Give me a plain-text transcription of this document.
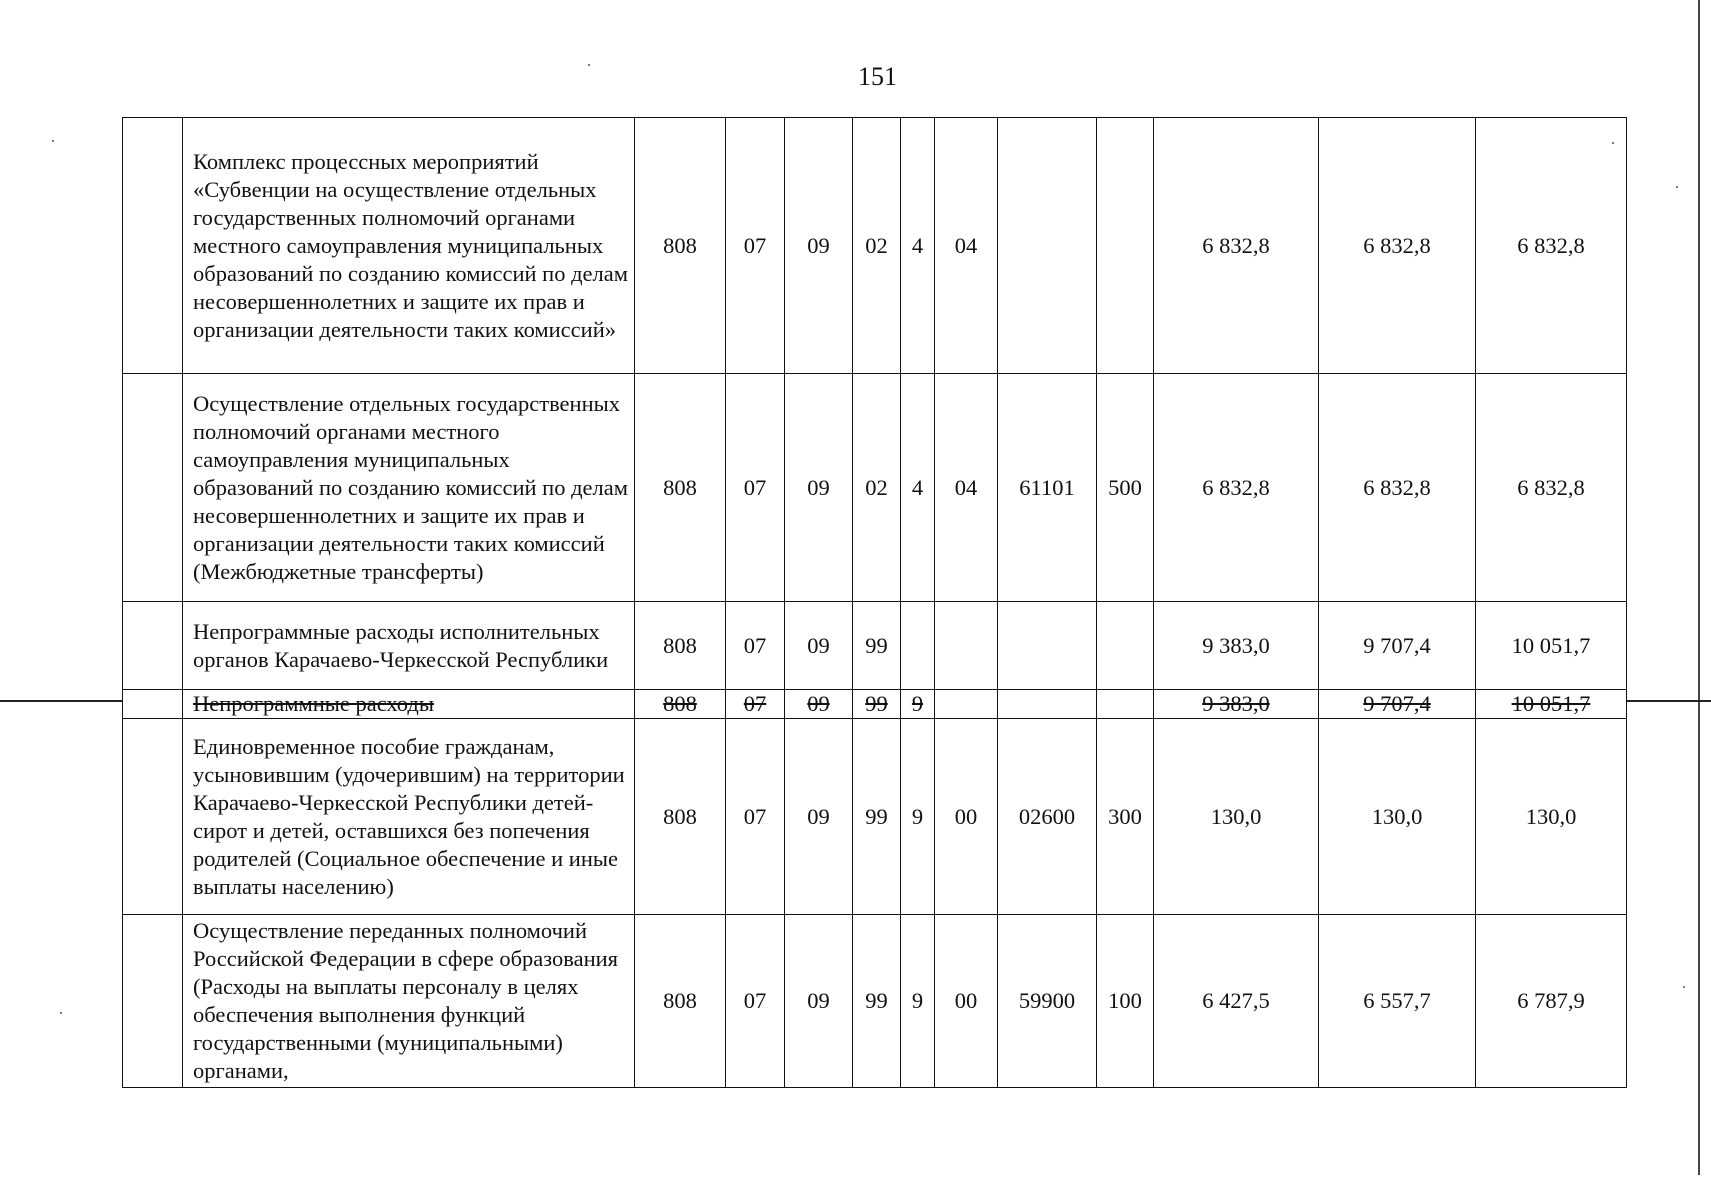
151
	Комплекс процессных мероприятий «Субвенции на осуществление отдельных государственных полномочий органами местного самоуправления муниципальных образований по созданию комиссий по делам несовершеннолетних и защите их прав и организации деятельности таких комиссий»	808	07	09	02	4	04			6 832,8	6 832,8	6 832,8
	Осуществление отдельных государственных полномочий органами местного самоуправления муниципальных образований по созданию комиссий по делам несовершеннолетних и защите их прав и организации деятельности таких комиссий (Межбюджетные трансферты)	808	07	09	02	4	04	61101	500	6 832,8	6 832,8	6 832,8
	Непрограммные расходы исполнительных органов Карачаево-Черкесской Республики	808	07	09	99					9 383,0	9 707,4	10 051,7
	Непрограммные расходы	808	07	09	99	9				9 383,0	9 707,4	10 051,7
	Единовременное пособие гражданам, усыновившим (удочерившим) на территории Карачаево-Черкесской Республики детей-сирот и детей, оставшихся без попечения родителей (Социальное обеспечение и иные выплаты населению)	808	07	09	99	9	00	02600	300	130,0	130,0	130,0
	Осуществление переданных полномочий Российской Федерации в сфере образования (Расходы на выплаты персоналу в целях обеспечения выполнения функций государственными (муниципальными) органами,	808	07	09	99	9	00	59900	100	6 427,5	6 557,7	6 787,9
